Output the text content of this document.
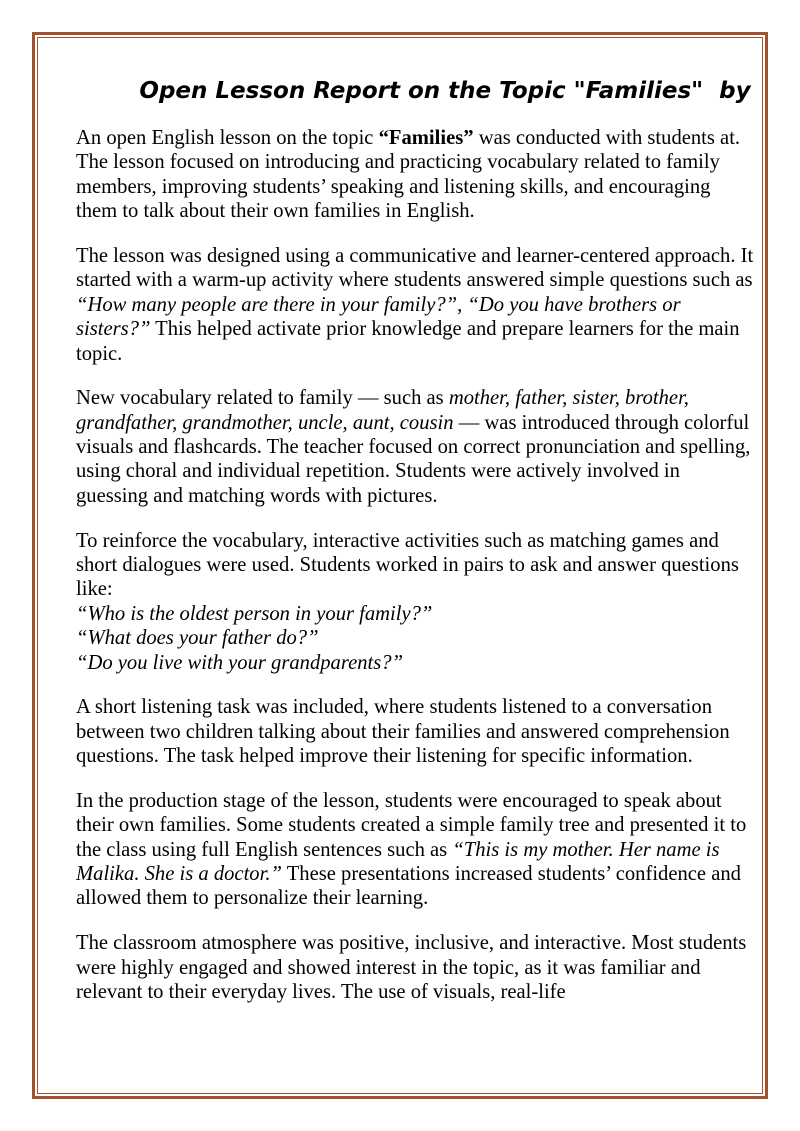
Open Lesson Report on the Topic "Families"  by

An open English lesson on the topic “Families” was conducted with students at. The lesson focused on introducing and practicing vocabulary related to family members, improving students’ speaking and listening skills, and encouraging them to talk about their own families in English.

The lesson was designed using a communicative and learner-centered approach. It started with a warm-up activity where students answered simple questions such as “How many people are there in your family?”, “Do you have brothers or sisters?” This helped activate prior knowledge and prepare learners for the main topic.

New vocabulary related to family — such as mother, father, sister, brother, grandfather, grandmother, uncle, aunt, cousin — was introduced through colorful visuals and flashcards. The teacher focused on correct pronunciation and spelling, using choral and individual repetition. Students were actively involved in guessing and matching words with pictures.

To reinforce the vocabulary, interactive activities such as matching games and short dialogues were used. Students worked in pairs to ask and answer questions like:
“Who is the oldest person in your family?”
“What does your father do?”
“Do you live with your grandparents?”

A short listening task was included, where students listened to a conversation between two children talking about their families and answered comprehension questions. The task helped improve their listening for specific information.

In the production stage of the lesson, students were encouraged to speak about their own families. Some students created a simple family tree and presented it to the class using full English sentences such as “This is my mother. Her name is Malika. She is a doctor.” These presentations increased students’ confidence and allowed them to personalize their learning.

The classroom atmosphere was positive, inclusive, and interactive. Most students were highly engaged and showed interest in the topic, as it was familiar and relevant to their everyday lives. The use of visuals, real-life
